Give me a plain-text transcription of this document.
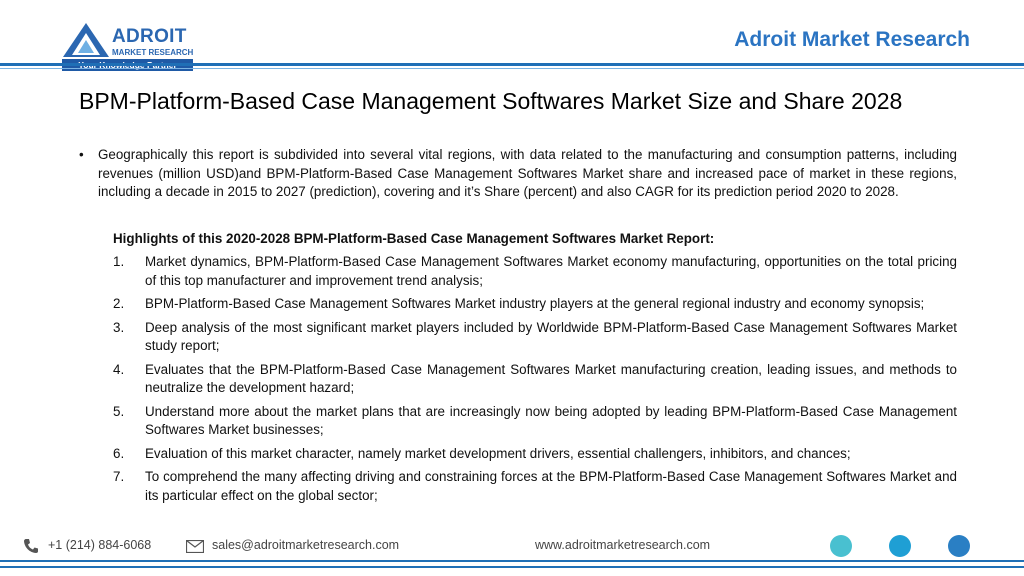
ADROIT
MARKET RESEARCH
Adroit Market Research
BPM-Platform-Based Case Management Softwares Market Size and Share 2028
• Geographically this report is subdivided into several vital regions, with data related to the manufacturing and consumption patterns, including revenues (million USD)and BPM-Platform-Based Case Management Softwares Market share and increased pace of market in these regions, including a decade in 2015 to 2027 (prediction), covering and it’s Share (percent) and also CAGR for its prediction period 2020 to 2028.
Highlights of this 2020-2028 BPM-Platform-Based Case Management Softwares Market Report:
1. Market dynamics, BPM-Platform-Based Case Management Softwares Market economy manufacturing, opportunities on the total pricing of this top manufacturer and improvement trend analysis;
2. BPM-Platform-Based Case Management Softwares Market industry players at the general regional industry and economy synopsis;
3. Deep analysis of the most significant market players included by Worldwide BPM-Platform-Based Case Management Softwares Market study report;
4. Evaluates that the BPM-Platform-Based Case Management Softwares Market manufacturing creation, leading issues, and methods to neutralize the development hazard;
5. Understand more about the market plans that are increasingly now being adopted by leading BPM-Platform-Based Case Management Softwares Market businesses;
6. Evaluation of this market character, namely market development drivers, essential challengers, inhibitors, and chances;
7. To comprehend the many affecting driving and constraining forces at the BPM-Platform-Based Case Management Softwares Market and its particular effect on the global sector;
+1 (214) 884-6068	sales@adroitmarketresearch.com	www.adroitmarketresearch.com
